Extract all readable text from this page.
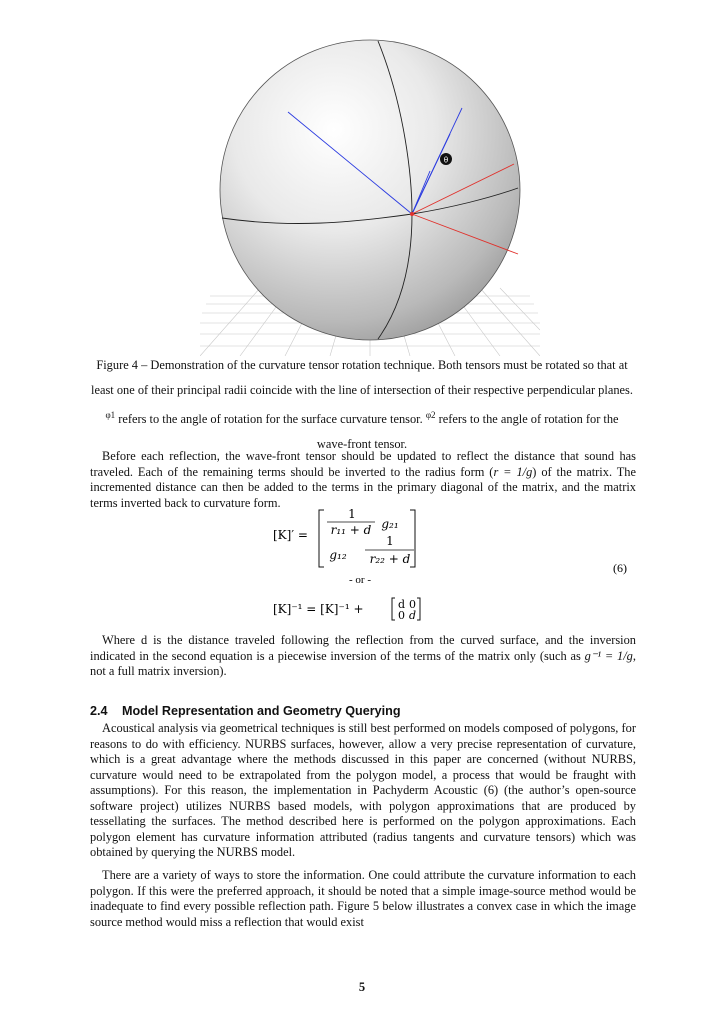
θ

Figure 4 – Demonstration of the curvature tensor rotation technique. Both tensors must be rotated so that at

least one of their principal radii coincide with the line of intersection of their respective perpendicular planes.

$^{\varphi 1}$ refers to the angle of rotation for the surface curvature tensor. $^{\varphi 2}$ refers to the angle of rotation for the

wave-front tensor.

Before each reflection, the wave-front tensor should be updated to reflect the distance that sound has traveled. Each of the remaining terms should be inverted to the radius form (r = 1/g) of the matrix. The incremented distance can then be added to the terms in the primary diagonal of the matrix, and the matrix terms inverted back to curvature form.

[K]′ =
1
r₁₁ + d g₂₁
g₁₂
1
r₂₂ + d
- or -
(6)
[K]⁻¹ = [K]⁻¹ +	d 0
0 d

Where d is the distance traveled following the reflection from the curved surface, and the inversion indicated in the second equation is a piecewise inversion of the terms of the matrix only (such as g⁻¹ = 1/g, not a full matrix inversion).

2.4 Model Representation and Geometry Querying

Acoustical analysis via geometrical techniques is still best performed on models composed of polygons, for reasons to do with efficiency. NURBS surfaces, however, allow a very precise representation of curvature, which is a great advantage where the methods discussed in this paper are concerned (without NURBS, curvature would need to be extrapolated from the polygon model, a process that would be fraught with assumptions). For this reason, the implementation in Pachyderm Acoustic (6) (the author’s open-source software project) utilizes NURBS based models, with polygon approximations that are produced by tessellating the surfaces. The method described here is performed on the polygon approximations. Each polygon element has curvature information attributed (radius tangents and curvature tensors) which was obtained by querying the NURBS model.

There are a variety of ways to store the information. One could attribute the curvature information to each polygon. If this were the preferred approach, it should be noted that a simple image-source method would be inadequate to find every possible reflection path. Figure 5 below illustrates a convex case in which the image source method would miss a reflection that would exist

5
